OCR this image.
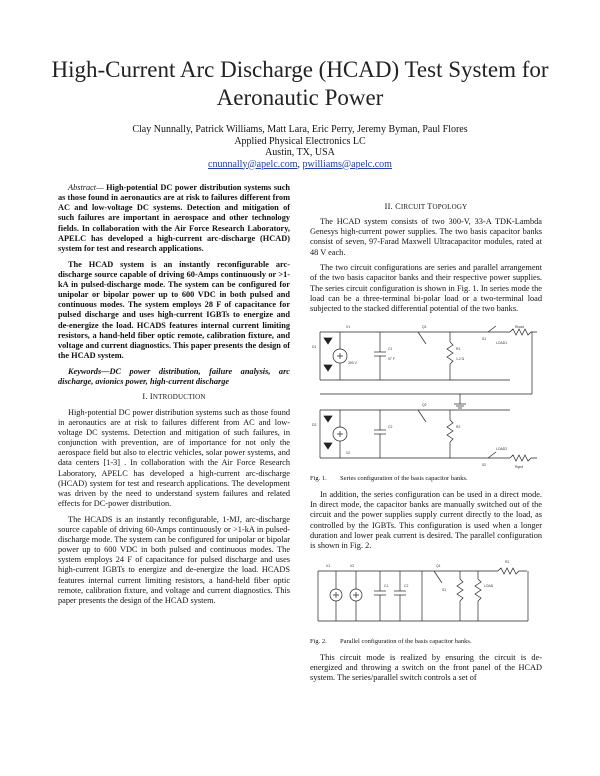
High-Current Arc Discharge (HCAD) Test System for Aeronautic Power
Clay Nunnally, Patrick Williams, Matt Lara, Eric Perry, Jeremy Byman, Paul Flores
Applied Physical Electronics LC
Austin, TX, USA
cnunnally@apelc.com, pwilliams@apelc.com

Abstract— High-potential DC power distribution systems such as those found in aeronautics are at risk to failures different from AC and low-voltage DC systems. Detection and mitigation of such failures are important in aerospace and other technology fields. In collaboration with the Air Force Research Laboratory, APELC has developed a high-current arc-discharge (HCAD) system for test and research applications.

The HCAD system is an instantly reconfigurable arc-discharge source capable of driving 60-Amps continuously or >1-kA in pulsed-discharge mode. The system can be configured for unipolar or bipolar power up to 600 VDC in both pulsed and continuous modes. The system employs 28 F of capacitance for pulsed discharge and uses high-current IGBTs to energize and de-energize the load. HCADS features internal current limiting resistors, a hand-held fiber optic remote, calibration fixture, and voltage and current diagnostics. This paper presents the design of the HCAD system.

Keywords—DC power distribution, failure analysis, arc discharge, avionics power, high-current discharge

I. INTRODUCTION

High-potential DC power distribution systems such as those found in aeronautics are at risk to failures different from AC and low-voltage DC systems. Detection and mitigation of such failures, in conjunction with prevention, are of importance for not only the aerospace field but also to electric vehicles, solar power systems, and data centers [1-3] . In collaboration with the Air Force Research Laboratory, APELC has developed a high-current arc-discharge (HCAD) system for test and research applications. The development was driven by the need to understand system failures and related effects for DC-power distribution.

The HCADS is an instantly reconfigurable, 1-MJ, arc-discharge source capable of driving 60-Amps continuously or >1-kA in pulsed-discharge mode. The system can be configured for unipolar or bipolar power up to 600 VDC in both pulsed and continuous modes. The system employs 24 F of capacitance for pulsed discharge and uses high-current IGBTs to energize and de-energize the load. HCADS features internal current limiting resistors, a hand-held fiber optic remote, calibration fixture, and voltage and current diagnostics. This paper presents the design of the HCAD system.

II. CIRCUIT TOPOLOGY

The HCAD system consists of two 300-V, 33-A TDK-Lambda Genesys high-current power supplies. The two basis capacitor banks consist of seven, 97-Farad Maxwell Ultracapacitor modules, rated at 48 V each.

The two circuit configurations are series and parallel arrangement of the two basis capacitor banks and their respective power supplies. The series circuit configuration is shown in Fig. 1. In series mode the load can be a three-terminal bi-polar load or a two-terminal load subjected to the stacked differential potential of the two banks.

V1
V2
C1
C2
R1
R2
Q1
Q2
D1
D2
S1
S2
LOAD1
LOAD2
Rload
Rgnd
300 V
97 F	1.2 Ω
Fig. 1. Series configuration of the basis capacitor banks.

In addition, the series configuration can be used in a direct mode. In direct mode, the capacitor banks are manually switched out of the circuit and the power supplies supply current directly to the load, as controlled by the IGBTs. This configuration is used when a longer duration and lower peak current is desired. The parallel configuration is shown in Fig. 2.

V1	V2
C1	C2
Q1
S1
LOAD
R1
Fig. 2. Parallel configuration of the basis capacitor banks.

This circuit mode is realized by ensuring the circuit is de-energized and throwing a switch on the front panel of the HCAD system. The series/parallel switch controls a set of
